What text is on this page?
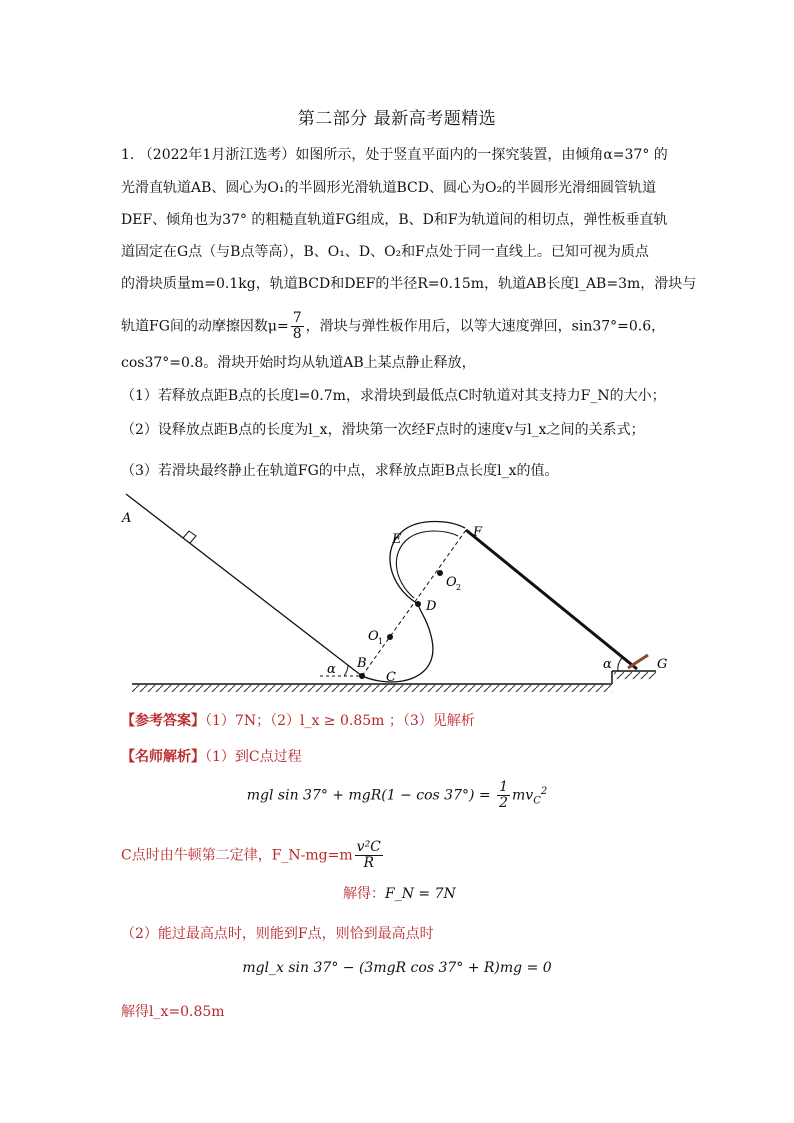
第二部分 最新高考题精选
1. （2022年1月浙江选考）如图所示，处于竖直平面内的一探究装置，由倾角α=37° 的
光滑直轨道AB、圆心为O₁的半圆形光滑轨道BCD、圆心为O₂的半圆形光滑细圆管轨道
DEF、倾角也为37° 的粗糙直轨道FG组成，B、D和F为轨道间的相切点，弹性板垂直轨
道固定在G点（与B点等高），B、O₁、D、O₂和F点处于同一直线上。已知可视为质点
的滑块质量m=0.1kg，轨道BCD和DEF的半径R=0.15m，轨道AB长度l_AB=3m，滑块与
轨道FG间的动摩擦因数$\mu= \frac{7}{8}$ ，滑块与弹性板作用后，以等大速度弹回，sin37°=0.6，
cos37°=0.8。滑块开始时均从轨道AB上某点静止释放，
（1）若释放点距B点的长度l=0.7m，求滑块到最低点C时轨道对其支持力F_N的大小；
（2）设释放点距B点的长度为l_x，滑块第一次经F点时的速度v与l_x之间的关系式；
（3）若滑块最终静止在轨道FG的中点，求释放点距B点长度l_x的值。
A
B
C
D
E	F
G
O 1
O 2
α	α
【参考答案】（1）7N；（2）l_x ≥ 0.85m ；（3）见解析
【名师解析】（1）到C点过程
mgl $\sin 37^\circ + mgR(1 - \cos 37^\circ) = \frac{1}{2} mv_C^2$
C点时由牛顿第二定律，F_N-mg=m $\frac{\text{v²C}}{R}$
解得：F_N = 7N
（2）能过最高点时，则能到F点，则恰到最高点时
mgl_x sin 37° − (3mgR cos 37° + R)mg = 0
解得l_x=0.85m
